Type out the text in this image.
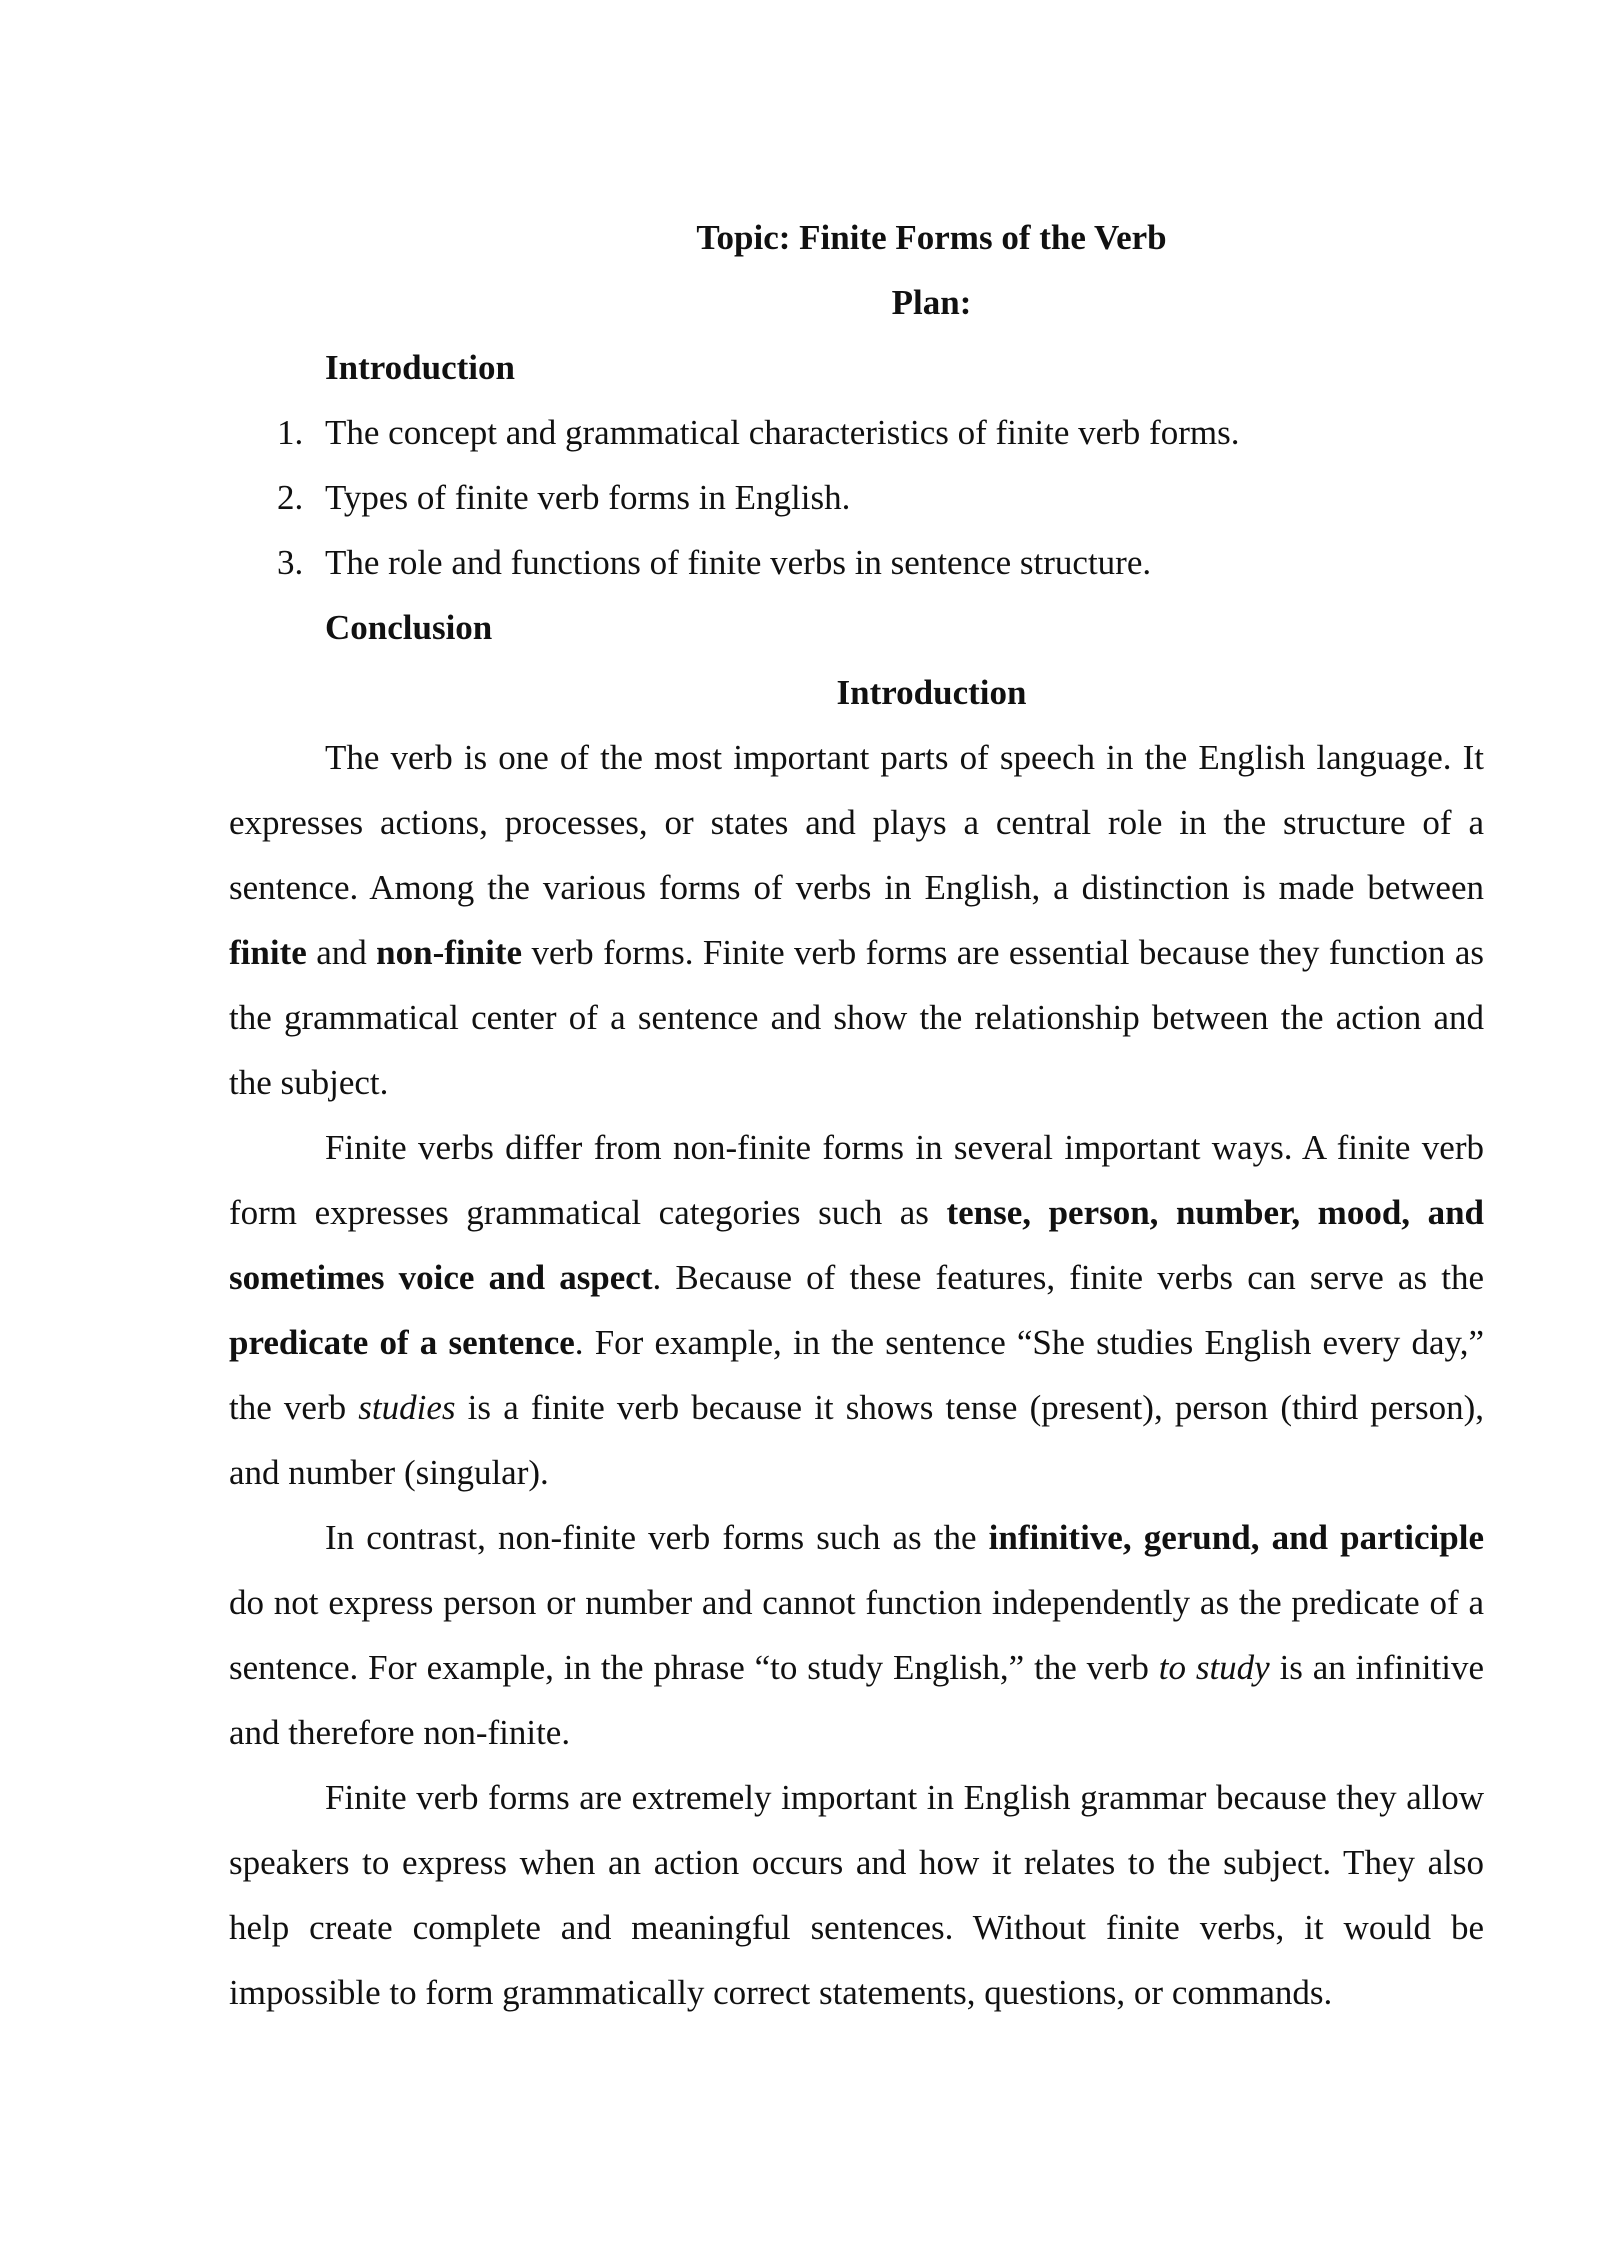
Topic: Finite Forms of the Verb
Plan:
Introduction
1. The concept and grammatical characteristics of finite verb forms.
2. Types of finite verb forms in English.
3. The role and functions of finite verbs in sentence structure.
Conclusion
Introduction

The verb is one of the most important parts of speech in the English language. It expresses actions, processes, or states and plays a central role in the structure of a sentence. Among the various forms of verbs in English, a distinction is made between finite and non-finite verb forms. Finite verb forms are essential because they function as the grammatical center of a sentence and show the relationship between the action and the subject.

Finite verbs differ from non-finite forms in several important ways. A finite verb form expresses grammatical categories such as tense, person, number, mood, and sometimes voice and aspect. Because of these features, finite verbs can serve as the predicate of a sentence. For example, in the sentence “She studies English every day,” the verb studies is a finite verb because it shows tense (present), person (third person), and number (singular).

In contrast, non-finite verb forms such as the infinitive, gerund, and participle do not express person or number and cannot function independently as the predicate of a sentence. For example, in the phrase “to study English,” the verb to study is an infinitive and therefore non-finite.

Finite verb forms are extremely important in English grammar because they allow speakers to express when an action occurs and how it relates to the subject. They also help create complete and meaningful sentences. Without finite verbs, it would be impossible to form grammatically correct statements, questions, or commands.
